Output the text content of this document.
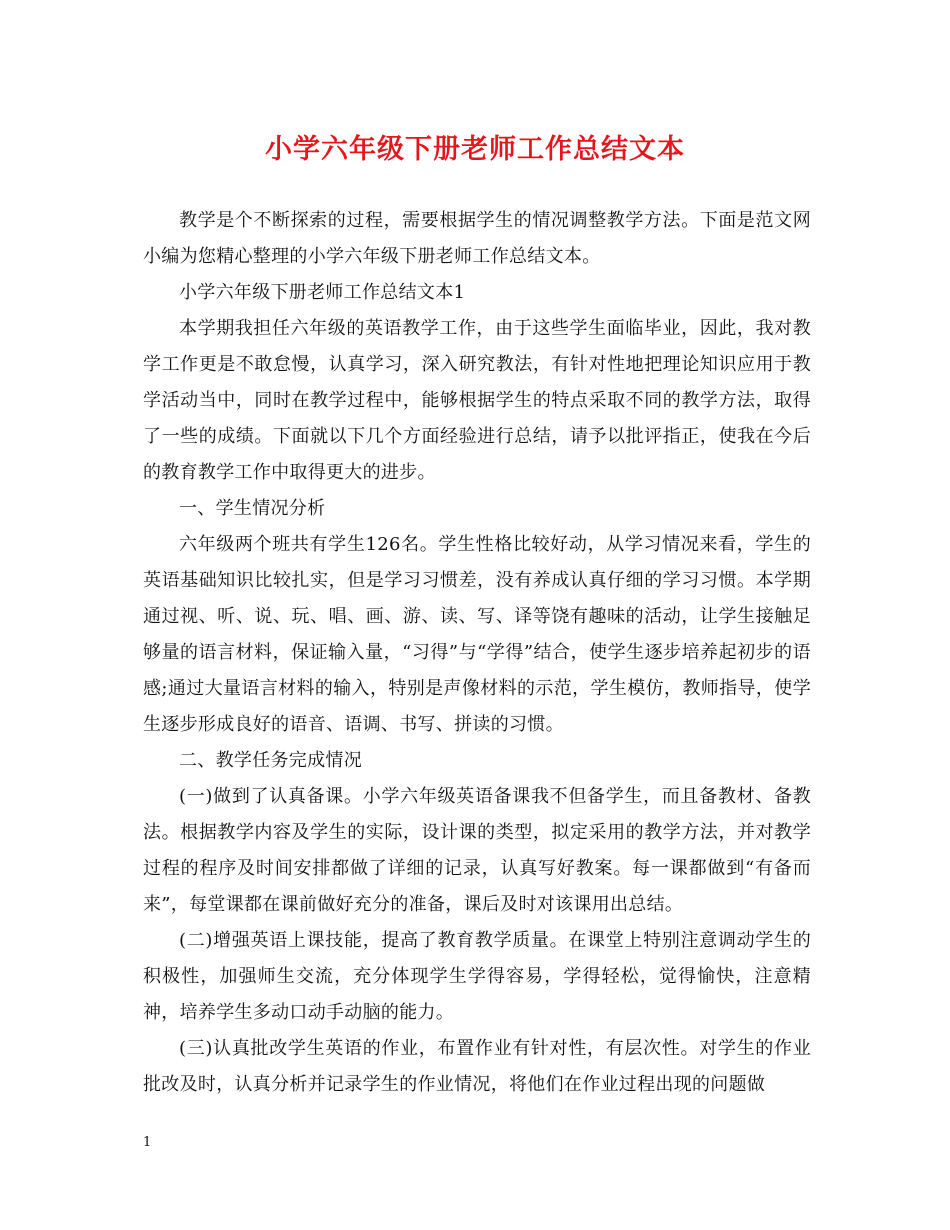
小学六年级下册老师工作总结文本

教学是个不断探索的过程，需要根据学生的情况调整教学方法。下面是范文网小编为您精心整理的小学六年级下册老师工作总结文本。

小学六年级下册老师工作总结文本1

本学期我担任六年级的英语教学工作，由于这些学生面临毕业，因此，我对教学工作更是不敢怠慢，认真学习，深入研究教法，有针对性地把理论知识应用于教学活动当中，同时在教学过程中，能够根据学生的特点采取不同的教学方法，取得了一些的成绩。下面就以下几个方面经验进行总结，请予以批评指正，使我在今后的教育教学工作中取得更大的进步。

一、学生情况分析

六年级两个班共有学生126名。学生性格比较好动，从学习情况来看，学生的英语基础知识比较扎实，但是学习习惯差，没有养成认真仔细的学习习惯。本学期通过视、听、说、玩、唱、画、游、读、写、译等饶有趣味的活动，让学生接触足够量的语言材料，保证输入量，“习得”与“学得”结合，使学生逐步培养起初步的语感;通过大量语言材料的输入，特别是声像材料的示范，学生模仿，教师指导，使学生逐步形成良好的语音、语调、书写、拼读的习惯。

二、教学任务完成情况

(一)做到了认真备课。小学六年级英语备课我不但备学生，而且备教材、备教法。根据教学内容及学生的实际，设计课的类型，拟定采用的教学方法，并对教学过程的程序及时间安排都做了详细的记录，认真写好教案。每一课都做到“有备而来”，每堂课都在课前做好充分的准备，课后及时对该课用出总结。

(二)增强英语上课技能，提高了教育教学质量。在课堂上特别注意调动学生的积极性，加强师生交流，充分体现学生学得容易，学得轻松，觉得愉快，注意精神，培养学生多动口动手动脑的能力。

(三)认真批改学生英语的作业，布置作业有针对性，有层次性。对学生的作业批改及时，认真分析并记录学生的作业情况，将他们在作业过程出现的问题做

1
